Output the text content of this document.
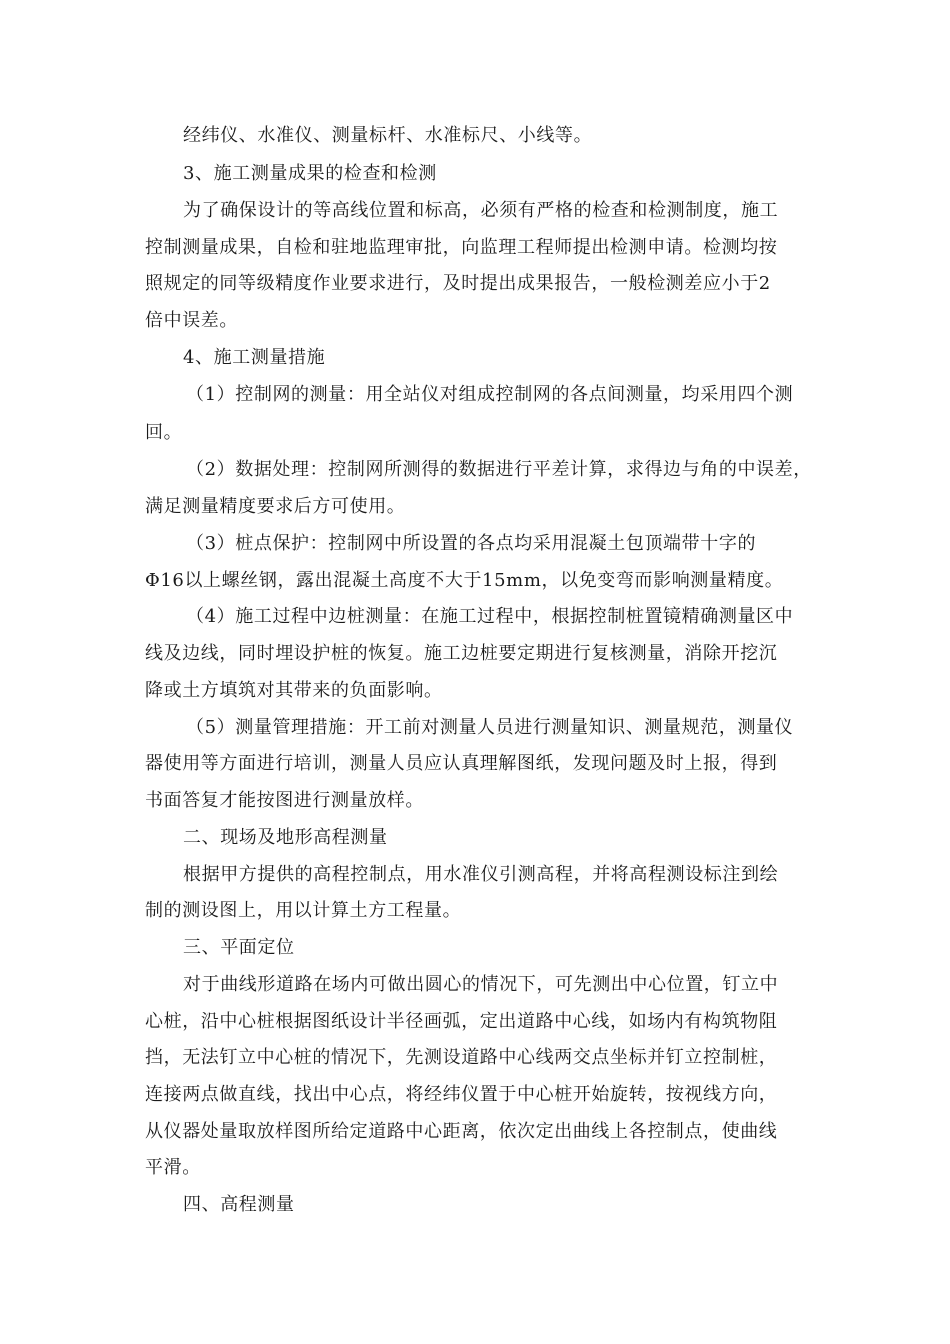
经纬仪、水准仪、测量标杆、水准标尺、小线等。
3、施工测量成果的检查和检测
为了确保设计的等高线位置和标高，必须有严格的检查和检测制度，施工
控制测量成果，自检和驻地监理审批，向监理工程师提出检测申请。检测均按
照规定的同等级精度作业要求进行，及时提出成果报告，一般检测差应小于2
倍中误差。
4、施工测量措施
（1）控制网的测量：用全站仪对组成控制网的各点间测量，均采用四个测
回。
（2）数据处理：控制网所测得的数据进行平差计算，求得边与角的中误差，
满足测量精度要求后方可使用。
（3）桩点保护：控制网中所设置的各点均采用混凝土包顶端带十字的
Φ16以上螺丝钢，露出混凝土高度不大于15mm，以免变弯而影响测量精度。
（4）施工过程中边桩测量：在施工过程中，根据控制桩置镜精确测量区中
线及边线，同时埋设护桩的恢复。施工边桩要定期进行复核测量，消除开挖沉
降或土方填筑对其带来的负面影响。
（5）测量管理措施：开工前对测量人员进行测量知识、测量规范，测量仪
器使用等方面进行培训，测量人员应认真理解图纸，发现问题及时上报，得到
书面答复才能按图进行测量放样。
二、现场及地形高程测量
根据甲方提供的高程控制点，用水准仪引测高程，并将高程测设标注到绘
制的测设图上，用以计算土方工程量。
三、平面定位
对于曲线形道路在场内可做出圆心的情况下，可先测出中心位置，钉立中
心桩，沿中心桩根据图纸设计半径画弧，定出道路中心线，如场内有构筑物阻
挡，无法钉立中心桩的情况下，先测设道路中心线两交点坐标并钉立控制桩，
连接两点做直线，找出中心点，将经纬仪置于中心桩开始旋转，按视线方向，
从仪器处量取放样图所给定道路中心距离，依次定出曲线上各控制点，使曲线
平滑。
四、高程测量
